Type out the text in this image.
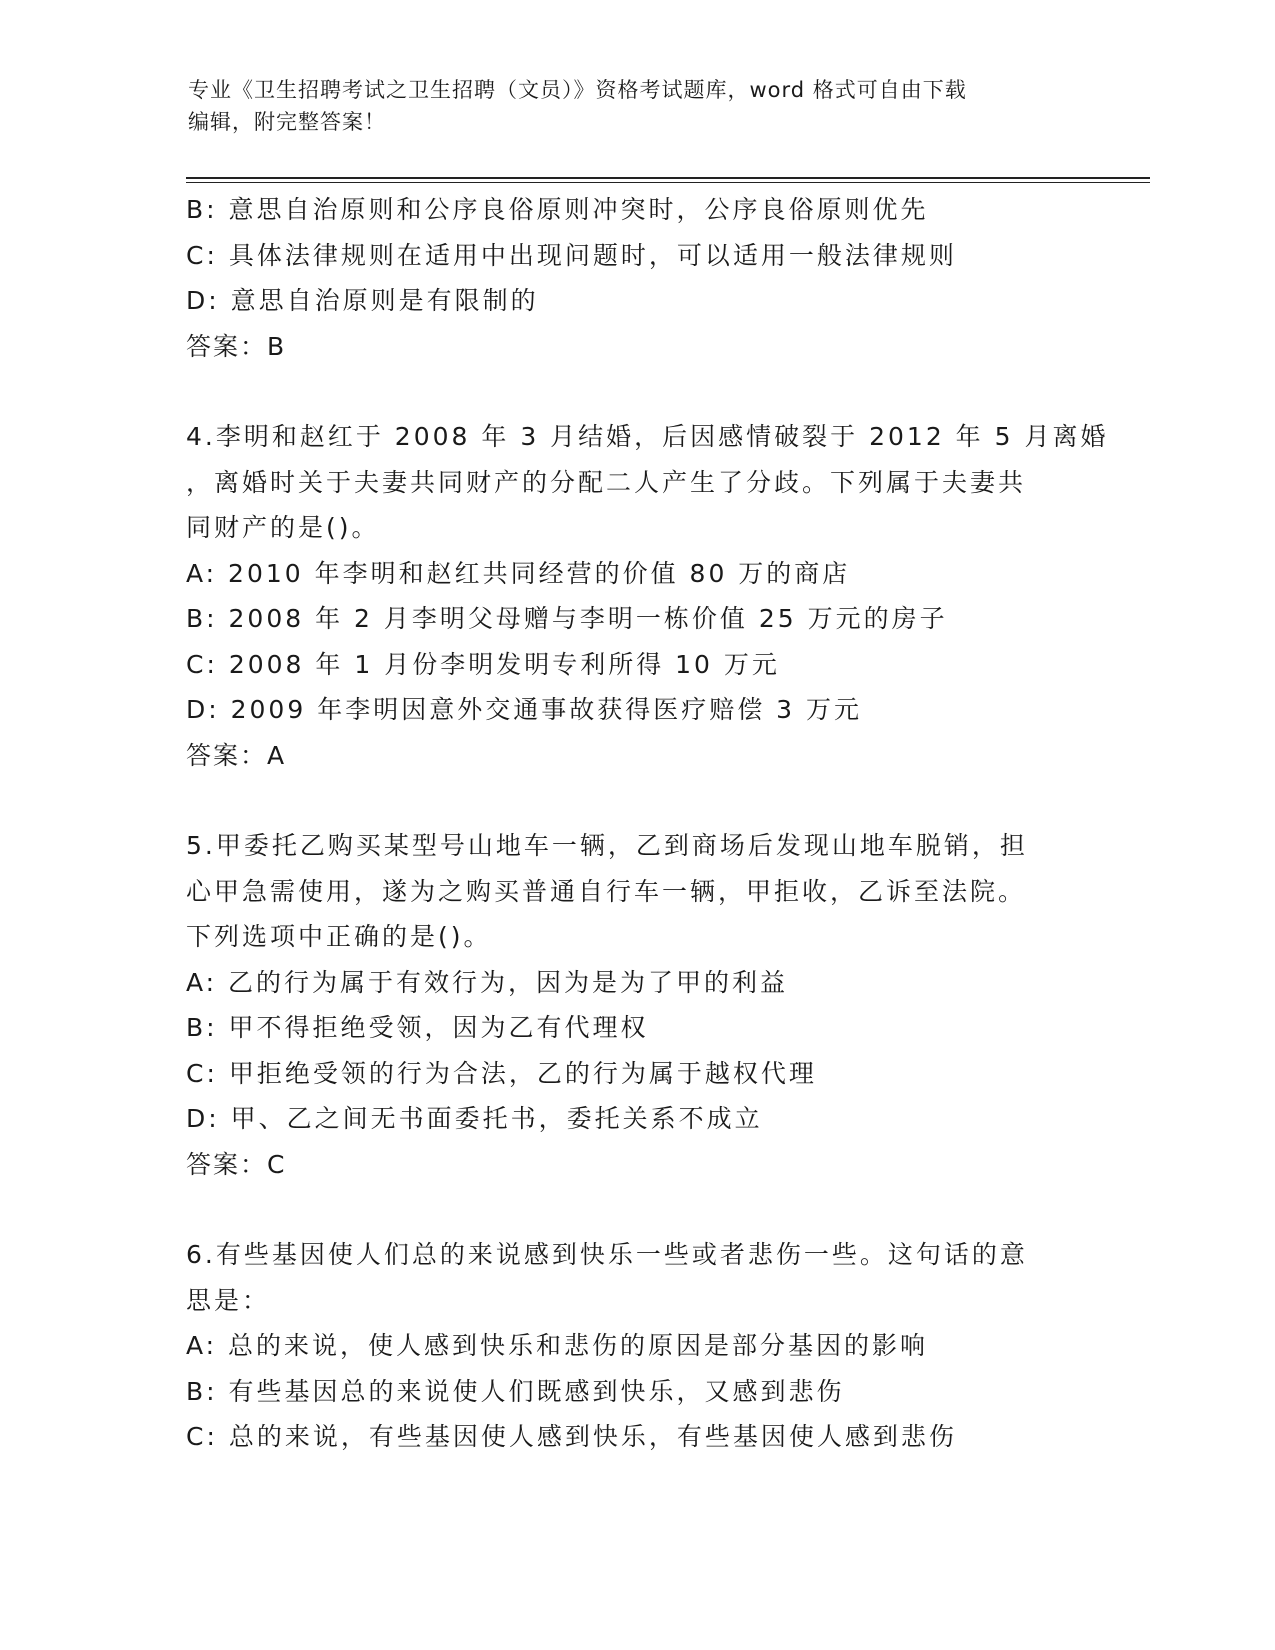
专业《卫生招聘考试之卫生招聘（文员）》资格考试题库，word 格式可自由下载
编辑，附完整答案！
B: 意思自治原则和公序良俗原则冲突时，公序良俗原则优先
C: 具体法律规则在适用中出现问题时，可以适用一般法律规则
D: 意思自治原则是有限制的
答案：B
4.李明和赵红于 2008 年 3 月结婚，后因感情破裂于 2012 年 5 月离婚
，离婚时关于夫妻共同财产的分配二人产生了分歧。下列属于夫妻共
同财产的是()。
A: 2010 年李明和赵红共同经营的价值 80 万的商店
B: 2008 年 2 月李明父母赠与李明一栋价值 25 万元的房子
C: 2008 年 1 月份李明发明专利所得 10 万元
D: 2009 年李明因意外交通事故获得医疗赔偿 3 万元
答案：A
5.甲委托乙购买某型号山地车一辆，乙到商场后发现山地车脱销，担
心甲急需使用，遂为之购买普通自行车一辆，甲拒收，乙诉至法院。
下列选项中正确的是()。
A: 乙的行为属于有效行为，因为是为了甲的利益
B: 甲不得拒绝受领，因为乙有代理权
C: 甲拒绝受领的行为合法，乙的行为属于越权代理
D: 甲、乙之间无书面委托书，委托关系不成立
答案：C
6.有些基因使人们总的来说感到快乐一些或者悲伤一些。这句话的意
思是：
A: 总的来说，使人感到快乐和悲伤的原因是部分基因的影响
B: 有些基因总的来说使人们既感到快乐，又感到悲伤
C: 总的来说，有些基因使人感到快乐，有些基因使人感到悲伤
